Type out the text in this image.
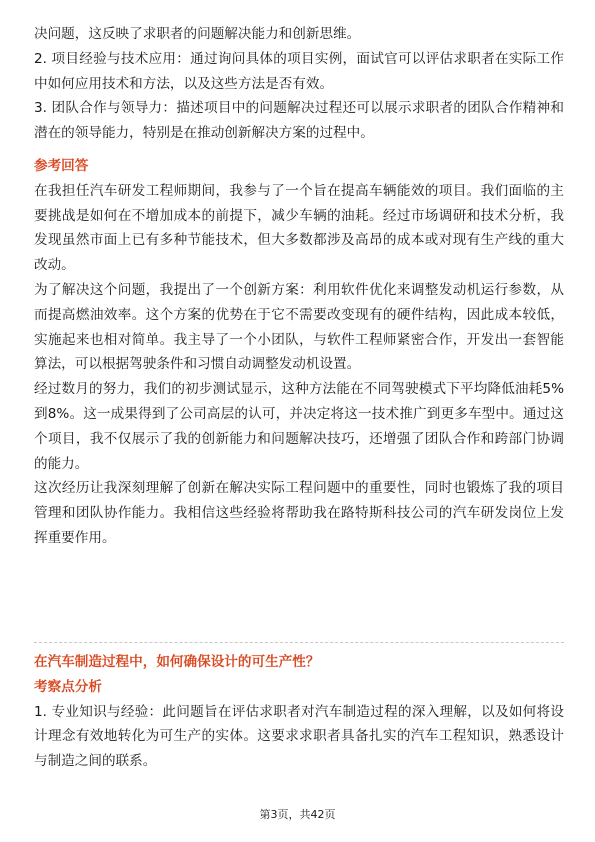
决问题，这反映了求职者的问题解决能力和创新思维。

2. 项目经验与技术应用：通过询问具体的项目实例，面试官可以评估求职者在实际工作中如何应用技术和方法，以及这些方法是否有效。

3. 团队合作与领导力：描述项目中的问题解决过程还可以展示求职者的团队合作精神和潜在的领导能力，特别是在推动创新解决方案的过程中。

参考回答

在我担任汽车研发工程师期间，我参与了一个旨在提高车辆能效的项目。我们面临的主要挑战是如何在不增加成本的前提下，减少车辆的油耗。经过市场调研和技术分析，我发现虽然市面上已有多种节能技术，但大多数都涉及高昂的成本或对现有生产线的重大改动。

为了解决这个问题，我提出了一个创新方案：利用软件优化来调整发动机运行参数，从而提高燃油效率。这个方案的优势在于它不需要改变现有的硬件结构，因此成本较低，实施起来也相对简单。我主导了一个小团队，与软件工程师紧密合作，开发出一套智能算法，可以根据驾驶条件和习惯自动调整发动机设置。

经过数月的努力，我们的初步测试显示，这种方法能在不同驾驶模式下平均降低油耗5%到8%。这一成果得到了公司高层的认可，并决定将这一技术推广到更多车型中。通过这个项目，我不仅展示了我的创新能力和问题解决技巧，还增强了团队合作和跨部门协调的能力。

这次经历让我深刻理解了创新在解决实际工程问题中的重要性，同时也锻炼了我的项目管理和团队协作能力。我相信这些经验将帮助我在路特斯科技公司的汽车研发岗位上发挥重要作用。

在汽车制造过程中，如何确保设计的可生产性？

考察点分析

1. 专业知识与经验：此问题旨在评估求职者对汽车制造过程的深入理解，以及如何将设计理念有效地转化为可生产的实体。这要求求职者具备扎实的汽车工程知识，熟悉设计与制造之间的联系。

第3页，共42页
